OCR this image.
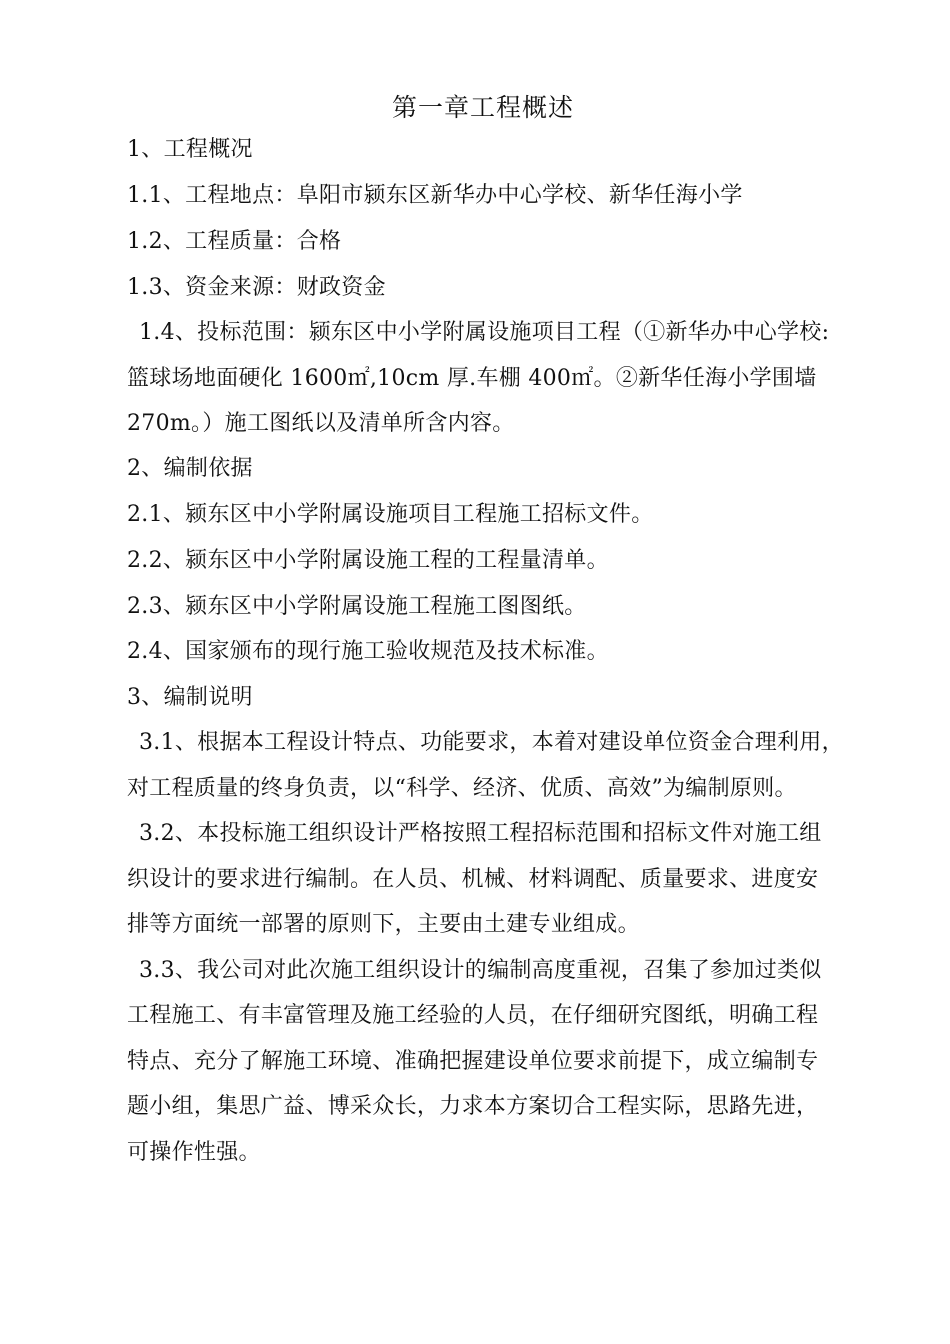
第一章工程概述
1、工程概况
1.1、工程地点：阜阳市颍东区新华办中心学校、新华任海小学
1.2、工程质量：合格
1.3、资金来源：财政资金
1.4、投标范围：颍东区中小学附属设施项目工程（①新华办中心学校:
篮球场地面硬化 1600㎡,10cm 厚.车棚 400㎡。②新华任海小学围墙
270m。）施工图纸以及清单所含内容。
2、编制依据
2.1、颍东区中小学附属设施项目工程施工招标文件。
2.2、颍东区中小学附属设施工程的工程量清单。
2.3、颍东区中小学附属设施工程施工图图纸。
2.4、国家颁布的现行施工验收规范及技术标准。
3、编制说明
3.1、根据本工程设计特点、功能要求，本着对建设单位资金合理利用，
对工程质量的终身负责，以“科学、经济、优质、高效”为编制原则。
3.2、本投标施工组织设计严格按照工程招标范围和招标文件对施工组
织设计的要求进行编制。在人员、机械、材料调配、质量要求、进度安
排等方面统一部署的原则下，主要由土建专业组成。
3.3、我公司对此次施工组织设计的编制高度重视，召集了参加过类似
工程施工、有丰富管理及施工经验的人员，在仔细研究图纸，明确工程
特点、充分了解施工环境、准确把握建设单位要求前提下，成立编制专
题小组，集思广益、博采众长，力求本方案切合工程实际，思路先进，
可操作性强。
